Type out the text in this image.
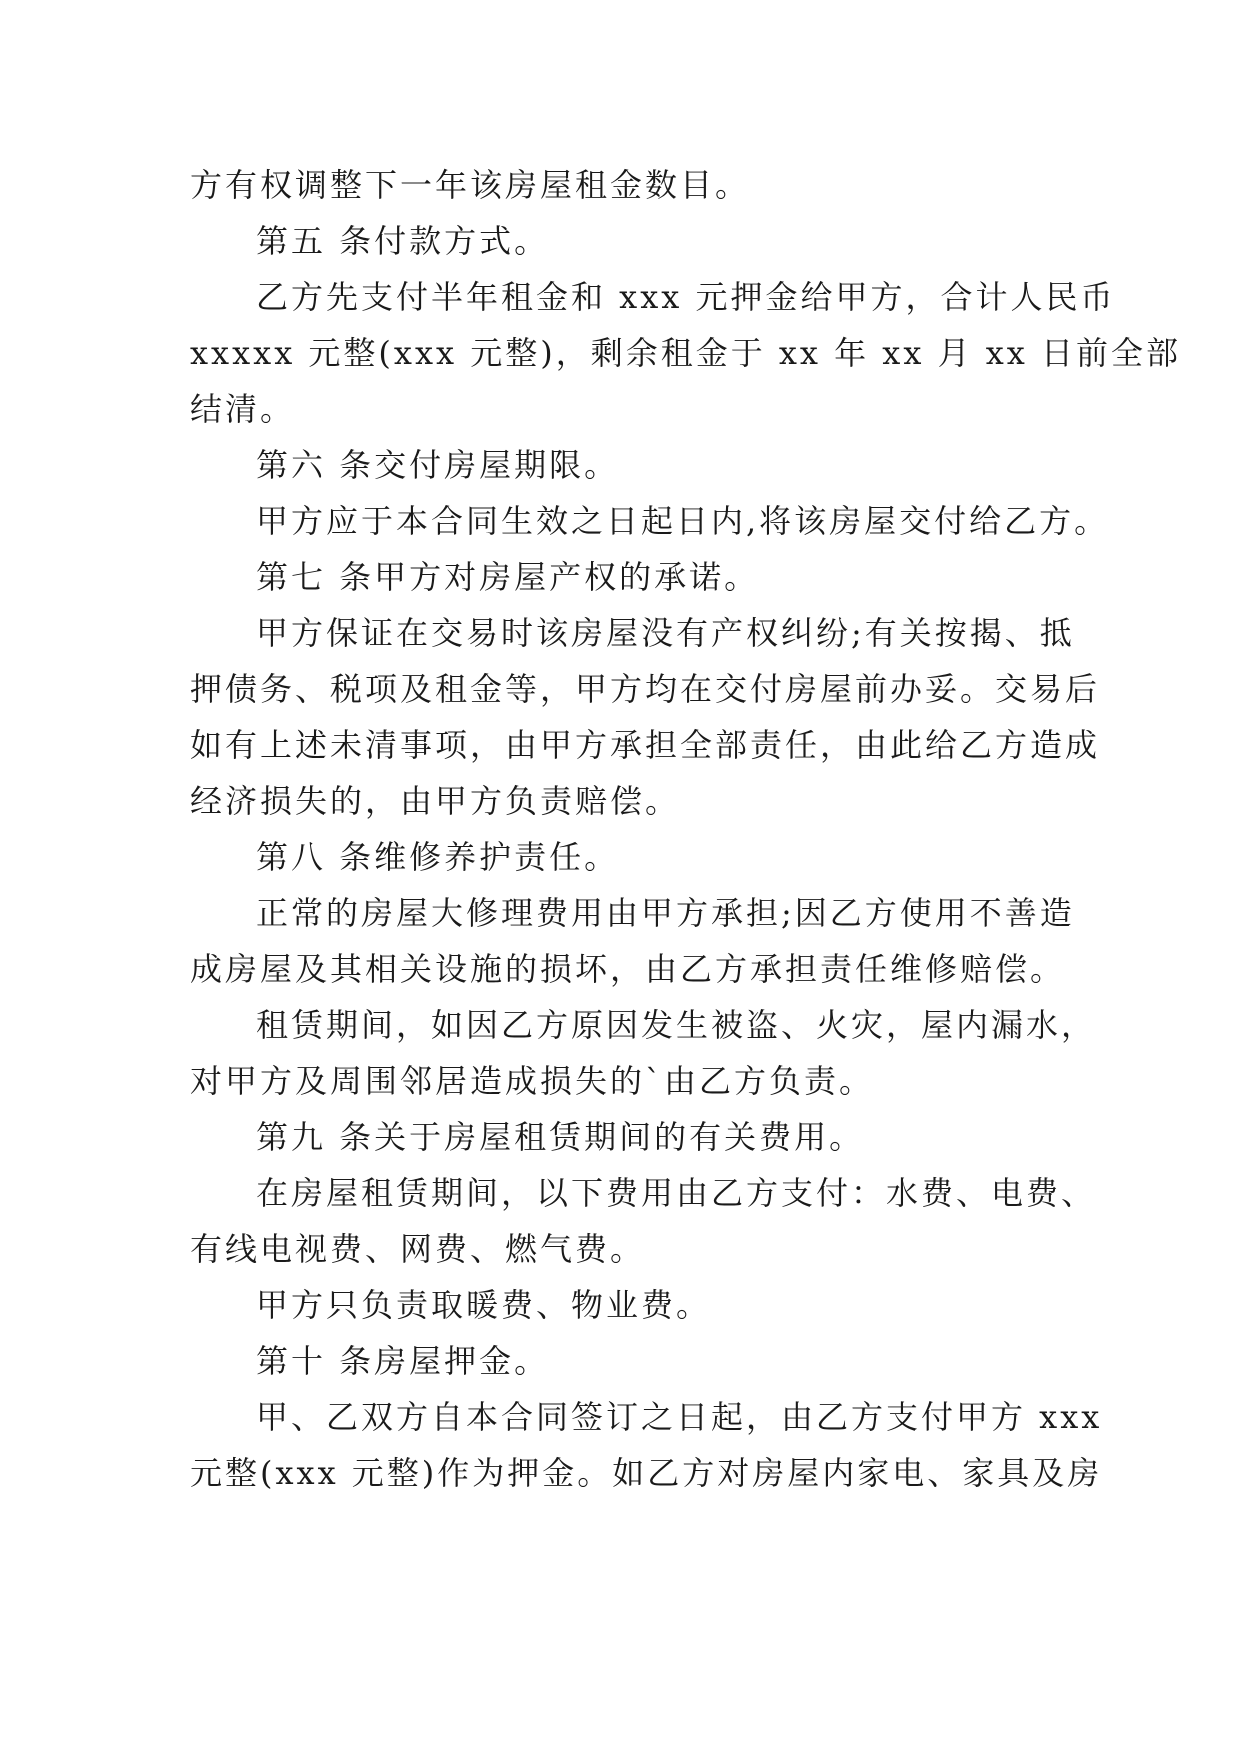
方有权调整下一年该房屋租金数目。
第五 条付款方式。
乙方先支付半年租金和 xxx 元押金给甲方，合计人民币
xxxxx 元整(xxx 元整)，剩余租金于 xx 年 xx 月 xx 日前全部
结清。
第六 条交付房屋期限。
甲方应于本合同生效之日起日内,将该房屋交付给乙方。
第七 条甲方对房屋产权的承诺。
甲方保证在交易时该房屋没有产权纠纷;有关按揭、抵
押债务、税项及租金等，甲方均在交付房屋前办妥。交易后
如有上述未清事项，由甲方承担全部责任，由此给乙方造成
经济损失的，由甲方负责赔偿。
第八 条维修养护责任。
正常的房屋大修理费用由甲方承担;因乙方使用不善造
成房屋及其相关设施的损坏，由乙方承担责任维修赔偿。
租赁期间，如因乙方原因发生被盗、火灾，屋内漏水，
对甲方及周围邻居造成损失的`由乙方负责。
第九 条关于房屋租赁期间的有关费用。
在房屋租赁期间，以下费用由乙方支付：水费、电费、
有线电视费、网费、燃气费。
甲方只负责取暖费、物业费。
第十 条房屋押金。
甲、乙双方自本合同签订之日起，由乙方支付甲方 xxx
元整(xxx 元整)作为押金。如乙方对房屋内家电、家具及房
